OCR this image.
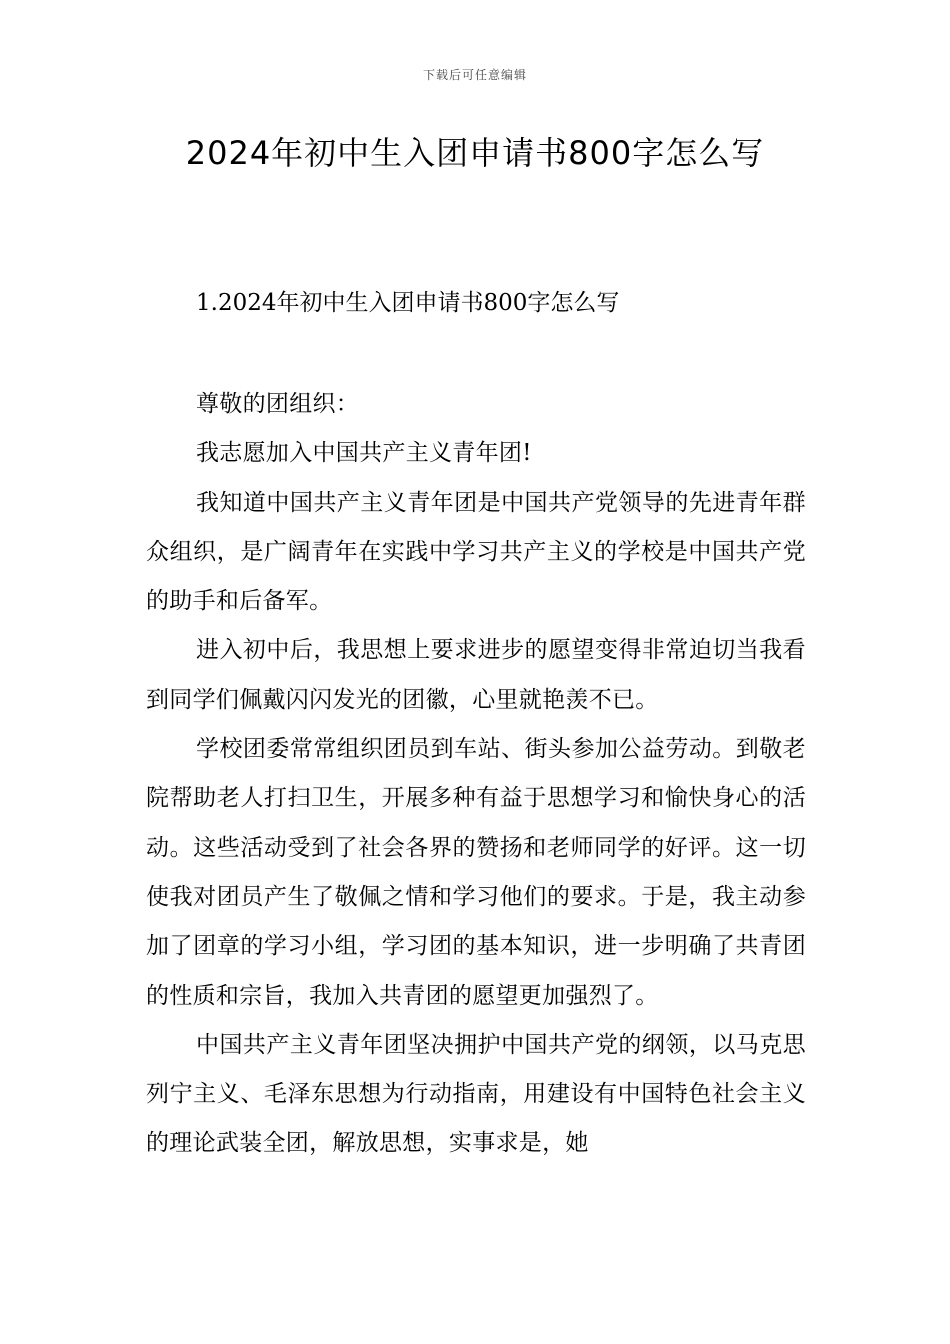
下载后可任意编辑
2024年初中生入团申请书800字怎么写
1.2024年初中生入团申请书800字怎么写

尊敬的团组织：

我志愿加入中国共产主义青年团!

我知道中国共产主义青年团是中国共产党领导的先进青年群众组织，是广阔青年在实践中学习共产主义的学校是中国共产党的助手和后备军。

进入初中后，我思想上要求进步的愿望变得非常迫切当我看到同学们佩戴闪闪发光的团徽，心里就艳羡不已。

学校团委常常组织团员到车站、街头参加公益劳动。到敬老院帮助老人打扫卫生，开展多种有益于思想学习和愉快身心的活动。这些活动受到了社会各界的赞扬和老师同学的好评。这一切使我对团员产生了敬佩之情和学习他们的要求。于是，我主动参加了团章的学习小组，学习团的基本知识，进一步明确了共青团的性质和宗旨，我加入共青团的愿望更加强烈了。

中国共产主义青年团坚决拥护中国共产党的纲领，以马克思列宁主义、毛泽东思想为行动指南，用建设有中国特色社会主义的理论武装全团，解放思想，实事求是，她
